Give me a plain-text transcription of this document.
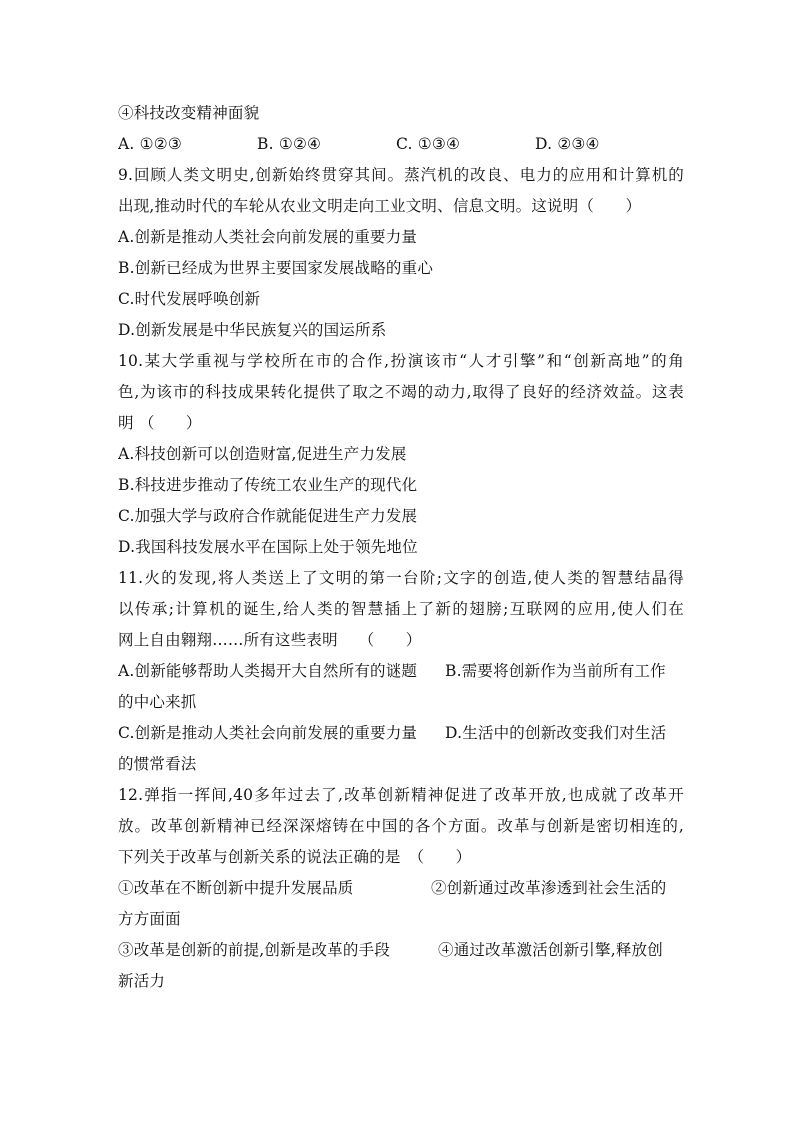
④科技改变精神面貌
A. ①②③	B. ①②④	C. ①③④	D. ②③④
9.回顾人类文明史,创新始终贯穿其间。蒸汽机的改良、电力的应用和计算机的
出现,推动时代的车轮从农业文明走向工业文明、信息文明。这说明（　　）
A.创新是推动人类社会向前发展的重要力量
B.创新已经成为世界主要国家发展战略的重心
C.时代发展呼唤创新
D.创新发展是中华民族复兴的国运所系
10.某大学重视与学校所在市的合作,扮演该市“人才引擎”和“创新高地”的角
色,为该市的科技成果转化提供了取之不竭的动力,取得了良好的经济效益。这表
明 （　　）
A.科技创新可以创造财富,促进生产力发展
B.科技进步推动了传统工农业生产的现代化
C.加强大学与政府合作就能促进生产力发展
D.我国科技发展水平在国际上处于领先地位
11.火的发现,将人类送上了文明的第一台阶;文字的创造,使人类的智慧结晶得
以传承;计算机的诞生,给人类的智慧插上了新的翅膀;互联网的应用,使人们在
网上自由翱翔……所有这些表明　 （　　）
A.创新能够帮助人类揭开大自然所有的谜题	B.需要将创新作为当前所有工作
的中心来抓
C.创新是推动人类社会向前发展的重要力量	D.生活中的创新改变我们对生活
的惯常看法
12.弹指一挥间,40多年过去了,改革创新精神促进了改革开放,也成就了改革开
放。改革创新精神已经深深熔铸在中国的各个方面。改革与创新是密切相连的,
下列关于改革与创新关系的说法正确的是　（　　）
①改革在不断创新中提升发展品质	②创新通过改革渗透到社会生活的
方方面面
③改革是创新的前提,创新是改革的手段	④通过改革激活创新引擎,释放创
新活力
